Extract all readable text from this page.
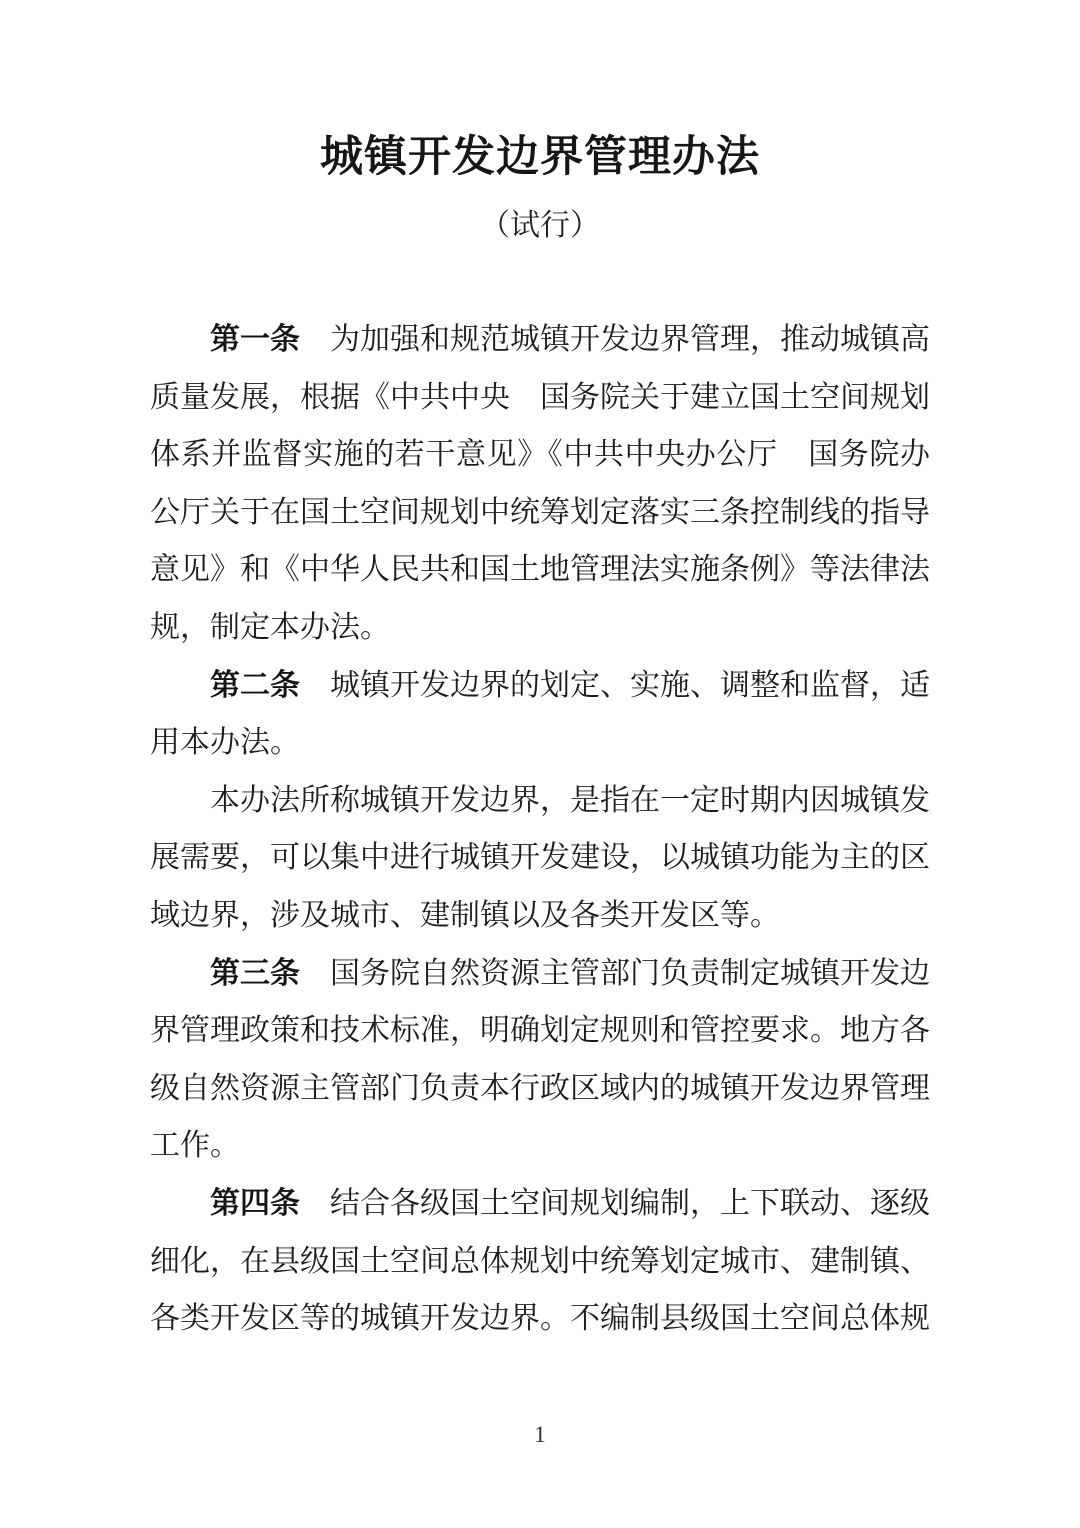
城镇开发边界管理办法
（试行）

第一条　为加强和规范城镇开发边界管理，推动城镇高质量发展，根据《中共中央　国务院关于建立国土空间规划体系并监督实施的若干意见》《中共中央办公厅　国务院办公厅关于在国土空间规划中统筹划定落实三条控制线的指导意见》和《中华人民共和国土地管理法实施条例》等法律法规，制定本办法。

第二条　城镇开发边界的划定、实施、调整和监督，适用本办法。

本办法所称城镇开发边界，是指在一定时期内因城镇发展需要，可以集中进行城镇开发建设，以城镇功能为主的区域边界，涉及城市、建制镇以及各类开发区等。

第三条　国务院自然资源主管部门负责制定城镇开发边界管理政策和技术标准，明确划定规则和管控要求。地方各级自然资源主管部门负责本行政区域内的城镇开发边界管理工作。

第四条　结合各级国土空间规划编制，上下联动、逐级细化，在县级国土空间总体规划中统筹划定城市、建制镇、各类开发区等的城镇开发边界。不编制县级国土空间总体规

1
